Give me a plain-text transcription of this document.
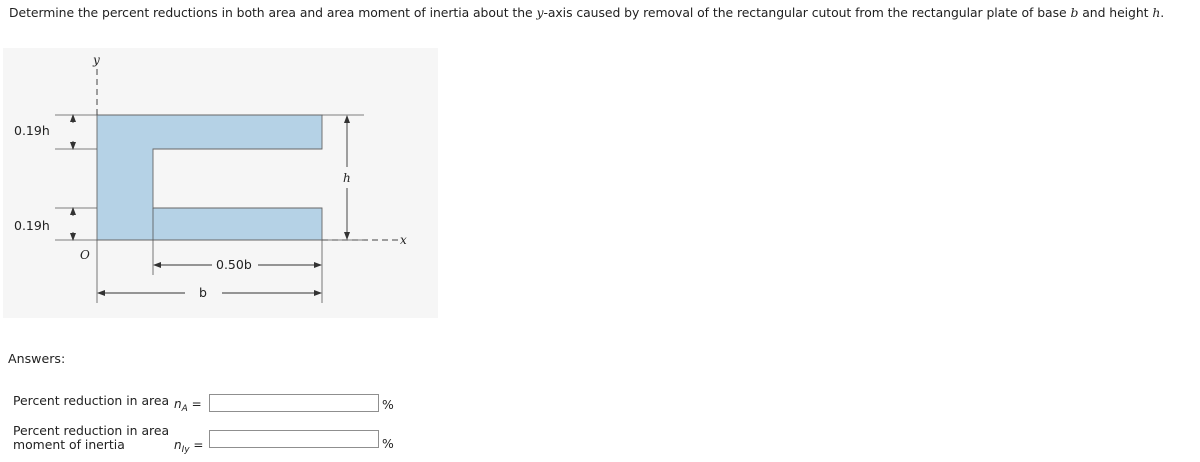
Determine the percent reductions in both area and area moment of inertia about the y-axis caused by removal of the rectangular cutout from the rectangular plate of base b and height h.
y
x
O
0.19h
0.19h
h
0.50b
b
Answers:
Percent reduction in area $n_A$ =	%
Percent reduction in area
moment of inertia	$n_{Iy}$ =	%
